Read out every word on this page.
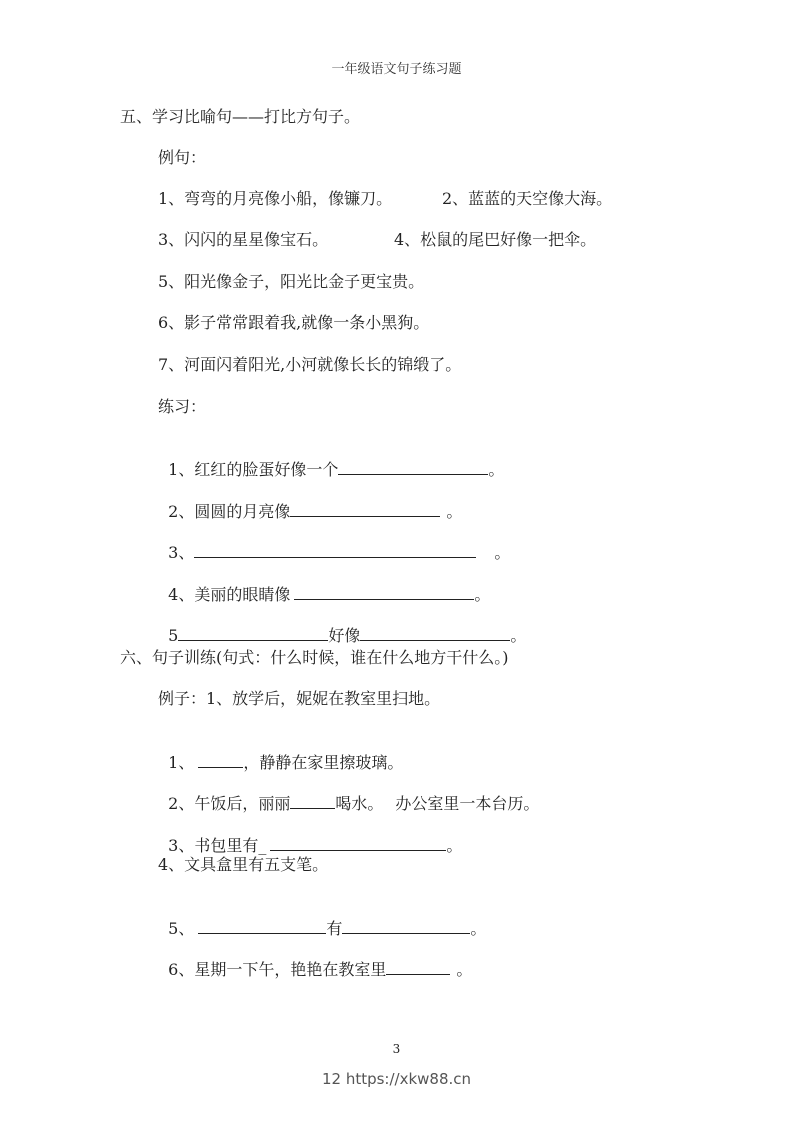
一年级语文句子练习题
五、学习比喻句——打比方句子。
例句：
1、弯弯的月亮像小船，像镰刀。	2、蓝蓝的天空像大海。
3、闪闪的星星像宝石。	4、松鼠的尾巴好像一把伞。
5、阳光像金子，阳光比金子更宝贵。
6、影子常常跟着我,就像一条小黑狗。
7、河面闪着阳光,小河就像长长的锦缎了。
练习：

1、红红的脸蛋好像一个	。

2、圆圆的月亮像	。

3、	。

4、美丽的眼睛像	。

5	好像	。

六、句子训练(句式：什么时候，谁在什么地方干什么。)
例子：1、放学后，妮妮在教室里扫地。

1、	，静静在家里擦玻璃。

2、午饭后，丽丽	喝水。 办公室里一本台历。

3、书包里有_	。

4、文具盒里有五支笔。

5、	有	。

6、星期一下午，艳艳在教室里	。

3
12 https://xkw88.cn
